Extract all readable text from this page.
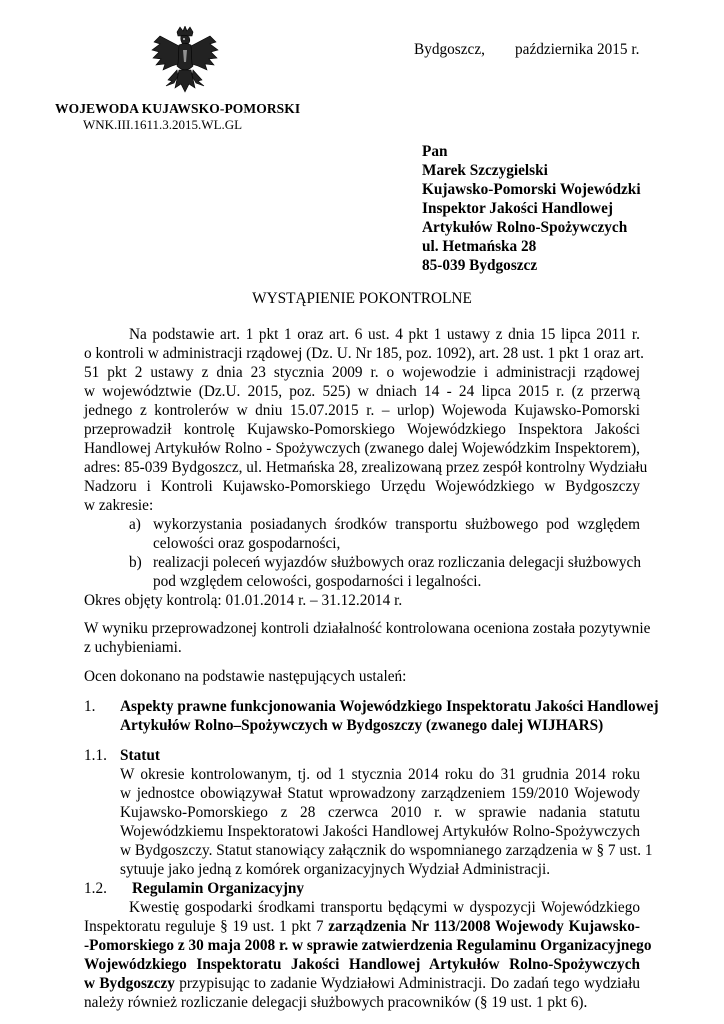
WOJEWODA KUJAWSKO-POMORSKI
WNK.III.1611.3.2015.WL.GL
Bydgoszcz, października 2015 r.
Pan
Marek Szczygielski
Kujawsko-Pomorski Wojewódzki
Inspektor Jakości Handlowej
Artykułów Rolno-Spożywczych
ul. Hetmańska 28
85-039 Bydgoszcz
WYSTĄPIENIE POKONTROLNE
Na podstawie art. 1 pkt 1 oraz art. 6 ust. 4 pkt 1 ustawy z dnia 15 lipca 2011 r.
o kontroli w administracji rządowej (Dz. U. Nr 185, poz. 1092), art. 28 ust. 1 pkt 1 oraz art.
51 pkt 2 ustawy z dnia 23 stycznia 2009 r. o wojewodzie i administracji rządowej
w województwie (Dz.U. 2015, poz. 525) w dniach 14 - 24 lipca 2015 r. (z przerwą
jednego z kontrolerów w dniu 15.07.2015 r. – urlop) Wojewoda Kujawsko-Pomorski
przeprowadził kontrolę Kujawsko-Pomorskiego Wojewódzkiego Inspektora Jakości
Handlowej Artykułów Rolno - Spożywczych (zwanego dalej Wojewódzkim Inspektorem),
adres: 85-039 Bydgoszcz, ul. Hetmańska 28, zrealizowaną przez zespół kontrolny Wydziału
Nadzoru i Kontroli Kujawsko-Pomorskiego Urzędu Wojewódzkiego w Bydgoszczy
w zakresie:
a) wykorzystania posiadanych środków transportu służbowego pod względem
celowości oraz gospodarności,
b) realizacji poleceń wyjazdów służbowych oraz rozliczania delegacji służbowych
pod względem celowości, gospodarności i legalności.
Okres objęty kontrolą: 01.01.2014 r. – 31.12.2014 r.
W wyniku przeprowadzonej kontroli działalność kontrolowana oceniona została pozytywnie
z uchybieniami.
Ocen dokonano na podstawie następujących ustaleń:
1. Aspekty prawne funkcjonowania Wojewódzkiego Inspektoratu Jakości Handlowej
Artykułów Rolno–Spożywczych w Bydgoszczy (zwanego dalej WIJHARS)
1.1. Statut
W okresie kontrolowanym, tj. od 1 stycznia 2014 roku do 31 grudnia 2014 roku
w jednostce obowiązywał Statut wprowadzony zarządzeniem 159/2010 Wojewody
Kujawsko-Pomorskiego z 28 czerwca 2010 r. w sprawie nadania statutu
Wojewódzkiemu Inspektoratowi Jakości Handlowej Artykułów Rolno-Spożywczych
w Bydgoszczy. Statut stanowiący załącznik do wspomnianego zarządzenia w § 7 ust. 1
sytuuje jako jedną z komórek organizacyjnych Wydział Administracji.
1.2. Regulamin Organizacyjny
Kwestię gospodarki środkami transportu będącymi w dyspozycji Wojewódzkiego
Inspektoratu reguluje § 19 ust. 1 pkt 7 zarządzenia Nr 113/2008 Wojewody Kujawsko-
-Pomorskiego z 30 maja 2008 r. w sprawie zatwierdzenia Regulaminu Organizacyjnego
Wojewódzkiego Inspektoratu Jakości Handlowej Artykułów Rolno-Spożywczych
w Bydgoszczy przypisując to zadanie Wydziałowi Administracji. Do zadań tego wydziału
należy również rozliczanie delegacji służbowych pracowników (§ 19 ust. 1 pkt 6).
